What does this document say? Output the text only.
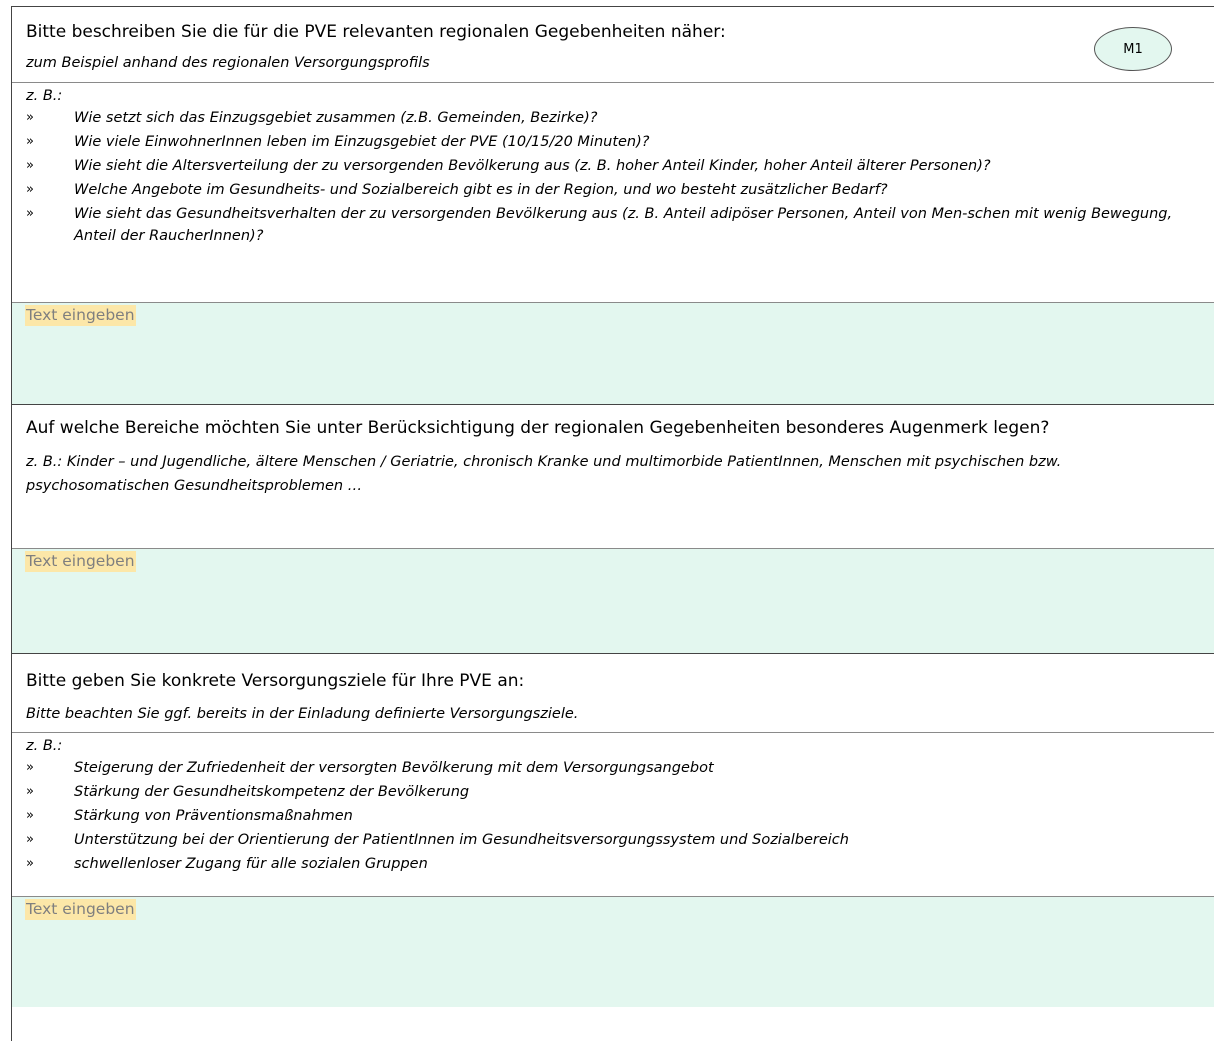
Bitte beschreiben Sie die für die PVE relevanten regionalen Gegebenheiten näher:
zum Beispiel anhand des regionalen Versorgungsprofils
M1
z. B.:
»	Wie setzt sich das Einzugsgebiet zusammen (z.B. Gemeinden, Bezirke)?
»	Wie viele EinwohnerInnen leben im Einzugsgebiet der PVE (10/15/20 Minuten)?
»	Wie sieht die Altersverteilung der zu versorgenden Bevölkerung aus (z. B. hoher Anteil Kinder, hoher Anteil älterer Personen)?
»	Welche Angebote im Gesundheits- und Sozialbereich gibt es in der Region, und wo besteht zusätzlicher Bedarf?
»	Wie sieht das Gesundheitsverhalten der zu versorgenden Bevölkerung aus (z. B. Anteil adipöser Personen, Anteil von Men-schen mit wenig Bewegung, Anteil der RaucherInnen)?
Text eingeben
Auf welche Bereiche möchten Sie unter Berücksichtigung der regionalen Gegebenheiten besonderes Augenmerk legen?
z. B.: Kinder – und Jugendliche, ältere Menschen / Geriatrie, chronisch Kranke und multimorbide PatientInnen, Menschen mit psychischen bzw. psychosomatischen Gesundheitsproblemen …
Text eingeben
Bitte geben Sie konkrete Versorgungsziele für Ihre PVE an:
Bitte beachten Sie ggf. bereits in der Einladung definierte Versorgungsziele.
z. B.:
»	Steigerung der Zufriedenheit der versorgten Bevölkerung mit dem Versorgungsangebot
»	Stärkung der Gesundheitskompetenz der Bevölkerung
»	Stärkung von Präventionsmaßnahmen
»	Unterstützung bei der Orientierung der PatientInnen im Gesundheitsversorgungssystem und Sozialbereich
»	schwellenloser Zugang für alle sozialen Gruppen
Text eingeben
